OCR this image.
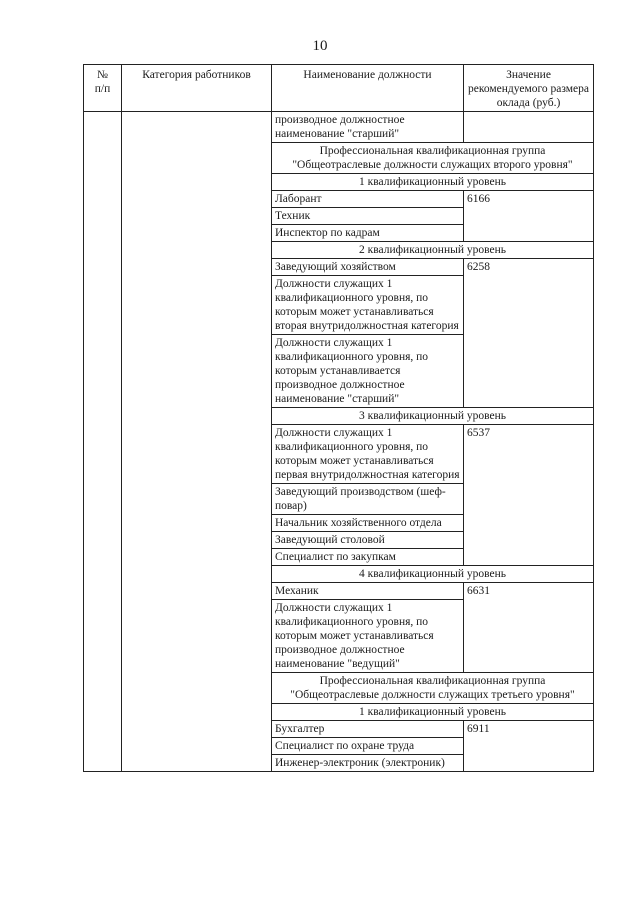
10
№
п/п	Категория работников	Наименование должности	Значение рекомендуемого размера оклада (руб.)
		производное должностное наименование "старший"	
		Профессиональная квалификационная группа "Общеотраслевые должности служащих второго уровня"	
		1 квалификационный уровень	
		Лаборант	6166
		Техник	
		Инспектор по кадрам	
		2 квалификационный уровень	
		Заведующий хозяйством	6258
		Должности служащих 1 квалификационного уровня, по которым может устанавливаться вторая внутридолжностная категория	
		Должности служащих 1 квалификационного уровня, по которым устанавливается производное должностное наименование "старший"	
		3 квалификационный уровень	
		Должности служащих 1 квалификационного уровня, по которым может устанавливаться первая внутридолжностная категория	6537
		Заведующий производством (шеф-повар)	
		Начальник хозяйственного отдела	
		Заведующий столовой	
		Специалист по закупкам	
		4 квалификационный уровень	
		Механик	6631
		Должности служащих 1 квалификационного уровня, по которым может устанавливаться производное должностное наименование "ведущий"	
		Профессиональная квалификационная группа "Общеотраслевые должности служащих третьего уровня"	
		1 квалификационный уровень	
		Бухгалтер	6911
		Специалист по охране труда	
		Инженер-электроник (электроник)	
